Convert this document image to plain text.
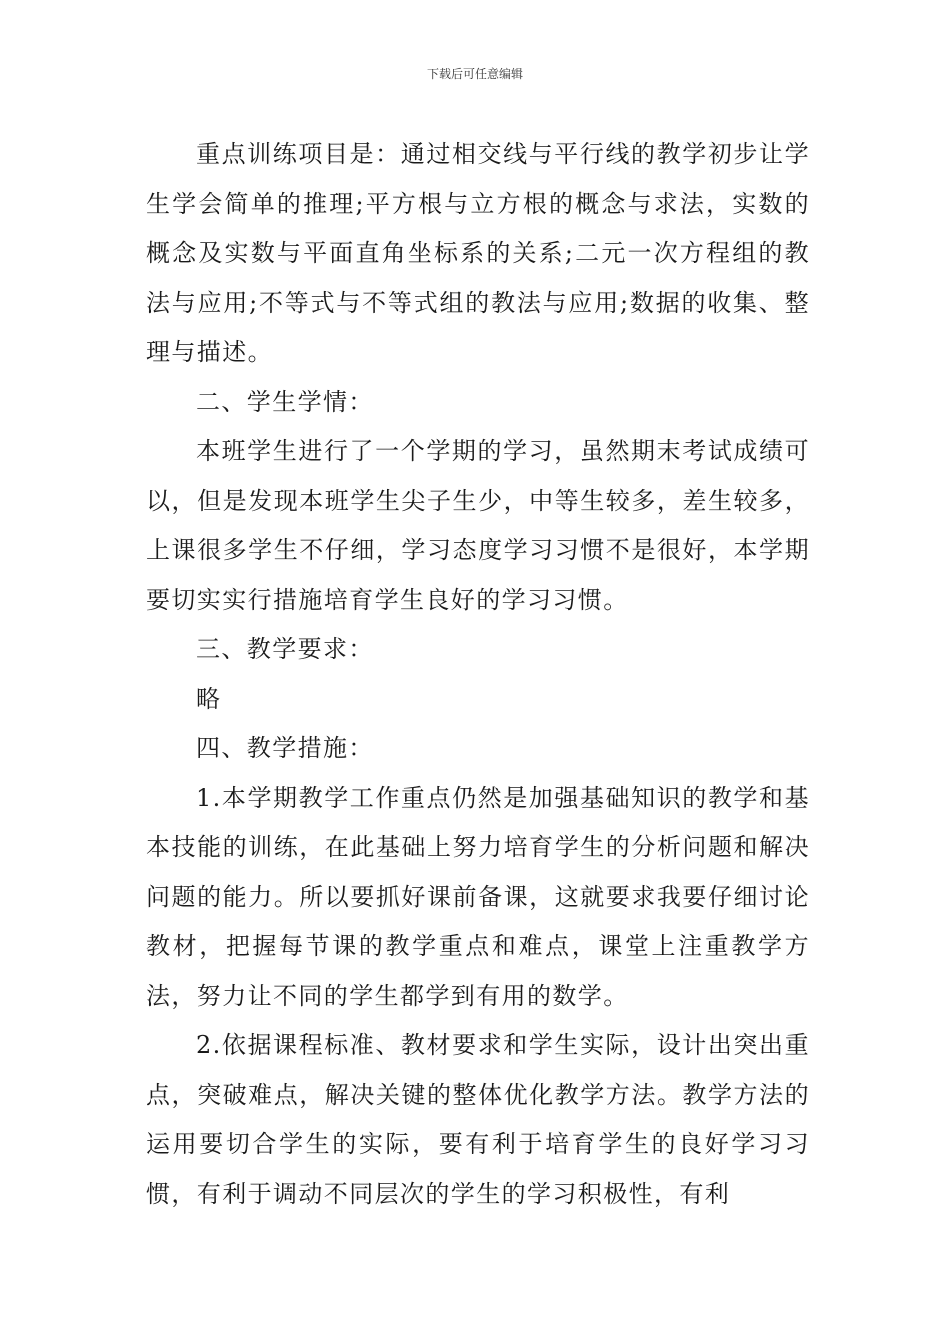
下载后可任意编辑

重点训练项目是：通过相交线与平行线的教学初步让学生学会简单的推理;平方根与立方根的概念与求法，实数的概念及实数与平面直角坐标系的关系;二元一次方程组的教法与应用;不等式与不等式组的教法与应用;数据的收集、整理与描述。

二、学生学情：

本班学生进行了一个学期的学习，虽然期末考试成绩可以，但是发现本班学生尖子生少，中等生较多，差生较多，上课很多学生不仔细，学习态度学习习惯不是很好，本学期要切实实行措施培育学生良好的学习习惯。

三、教学要求：

略

四、教学措施：

1.本学期教学工作重点仍然是加强基础知识的教学和基本技能的训练，在此基础上努力培育学生的分析问题和解决问题的能力。所以要抓好课前备课，这就要求我要仔细讨论教材，把握每节课的教学重点和难点，课堂上注重教学方法，努力让不同的学生都学到有用的数学。

2.依据课程标准、教材要求和学生实际，设计出突出重点，突破难点，解决关键的整体优化教学方法。教学方法的运用要切合学生的实际，要有利于培育学生的良好学习习惯，有利于调动不同层次的学生的学习积极性，有利
